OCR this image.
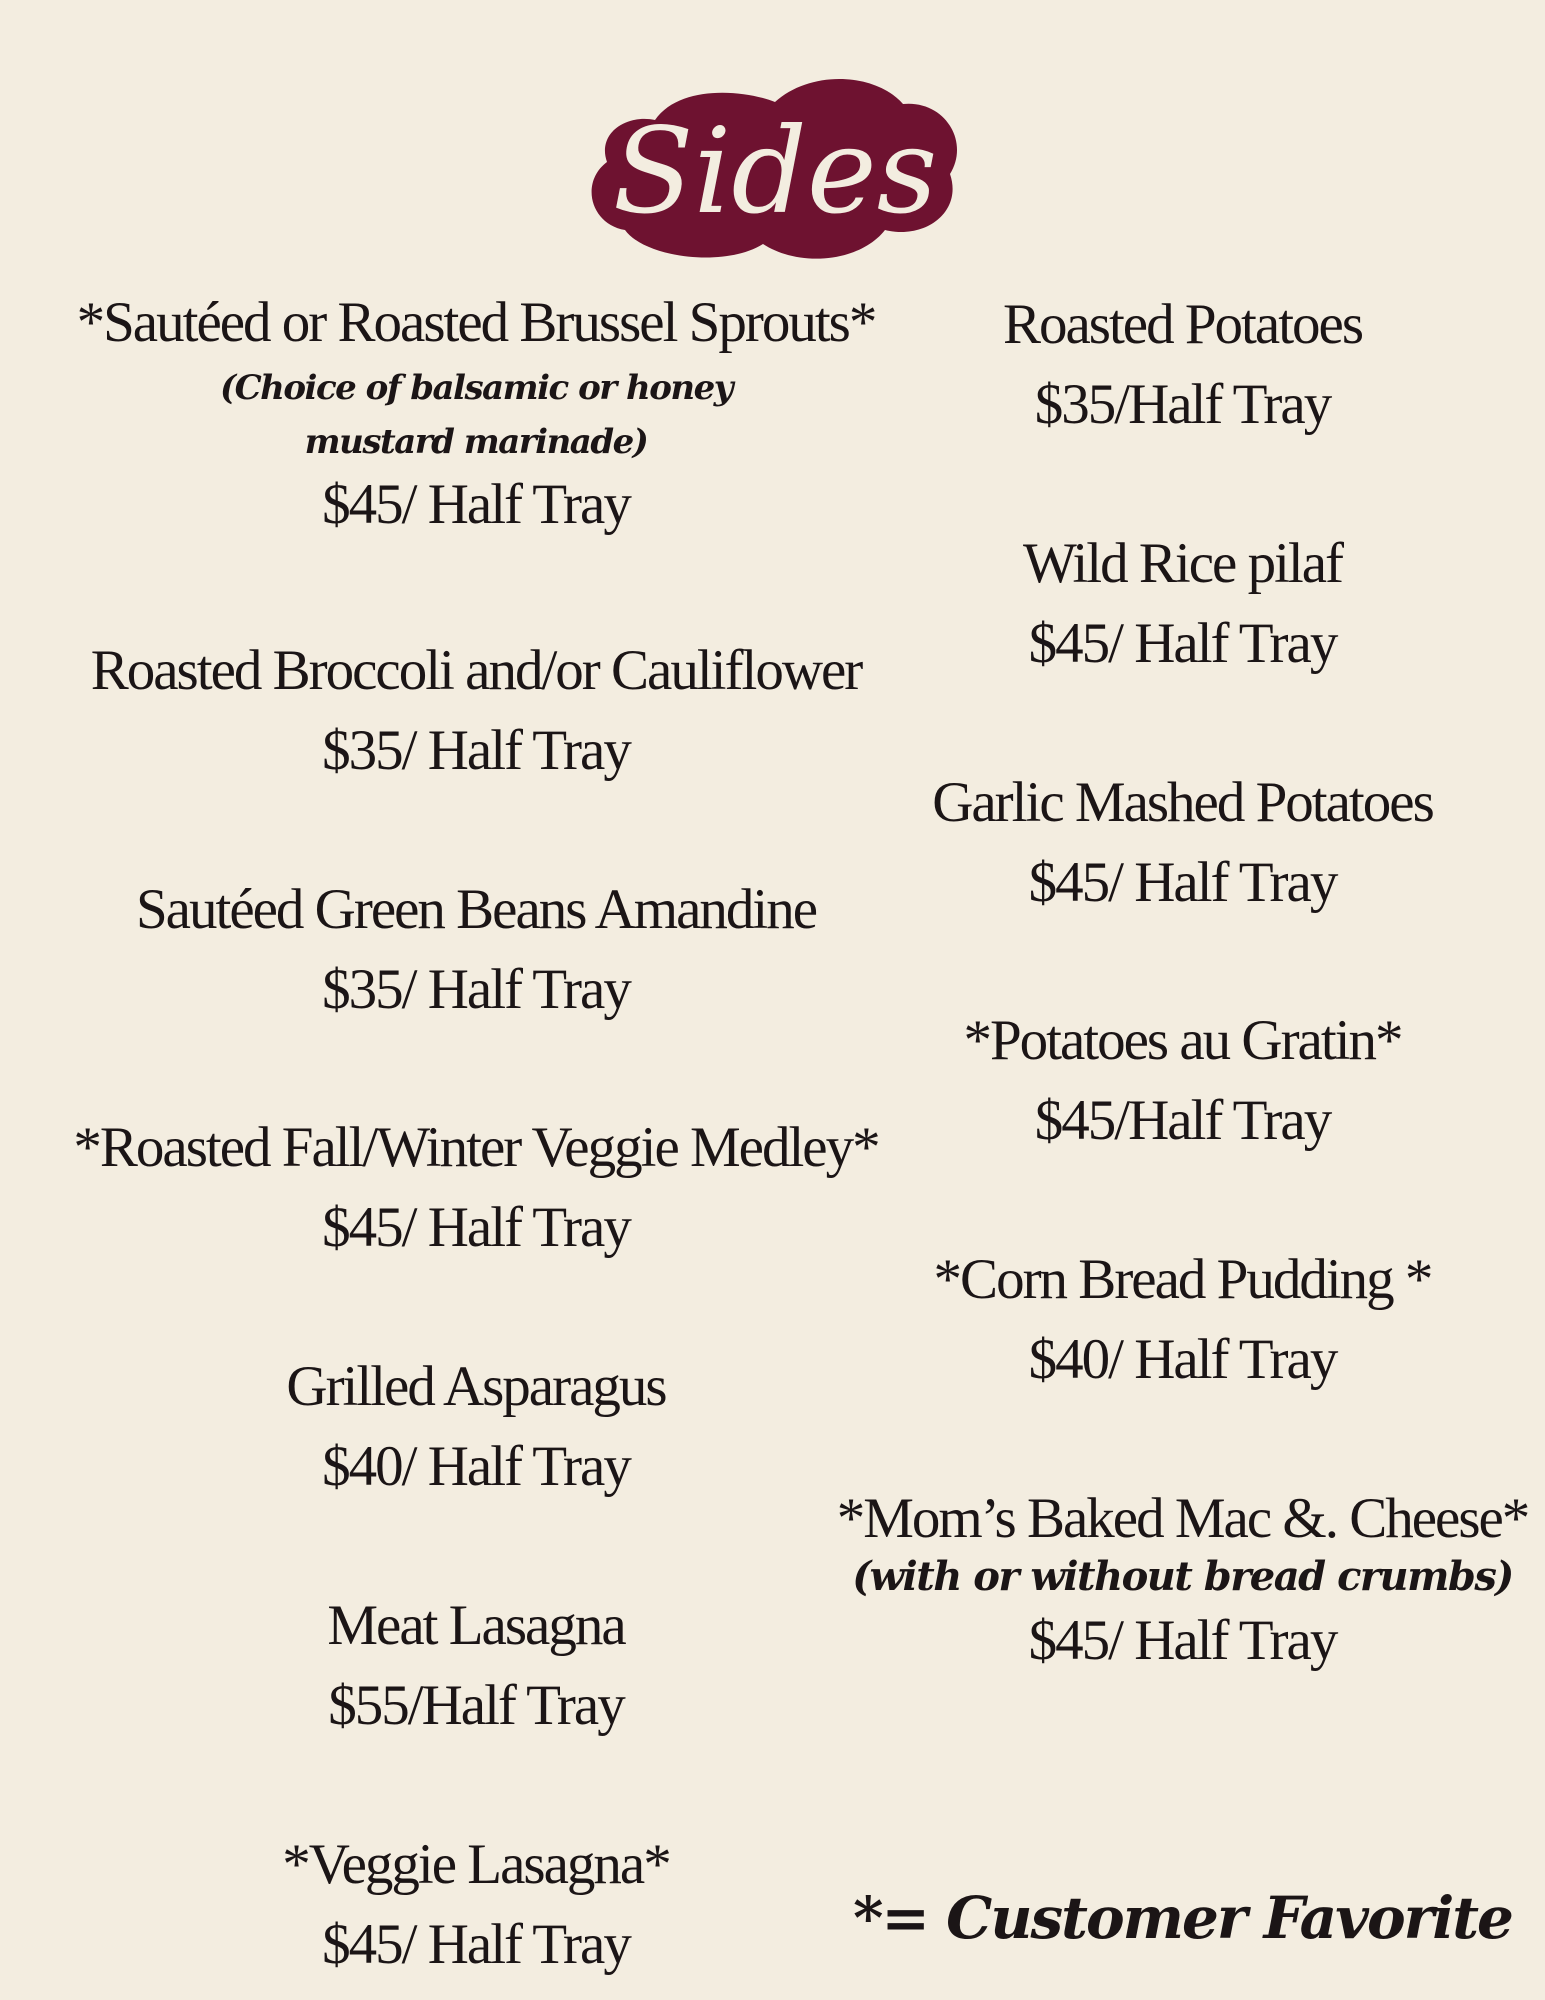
Sides
*Sautéed or Roasted Brussel Sprouts*
(Choice of balsamic or honey
mustard marinade)
$45/ Half Tray
Roasted Broccoli and/or Cauliflower
$35/ Half Tray
Sautéed Green Beans Amandine
$35/ Half Tray
*Roasted Fall/Winter Veggie Medley*
$45/ Half Tray
Grilled Asparagus
$40/ Half Tray
Meat Lasagna
$55/Half Tray
*Veggie Lasagna*
$45/ Half Tray
Roasted Potatoes
$35/Half Tray
Wild Rice pilaf
$45/ Half Tray
Garlic Mashed Potatoes
$45/ Half Tray
*Potatoes au Gratin*
$45/Half Tray
*Corn Bread Pudding *
$40/ Half Tray
*Mom’s Baked Mac &. Cheese*
(with or without bread crumbs)
$45/ Half Tray
*= Customer Favorite
